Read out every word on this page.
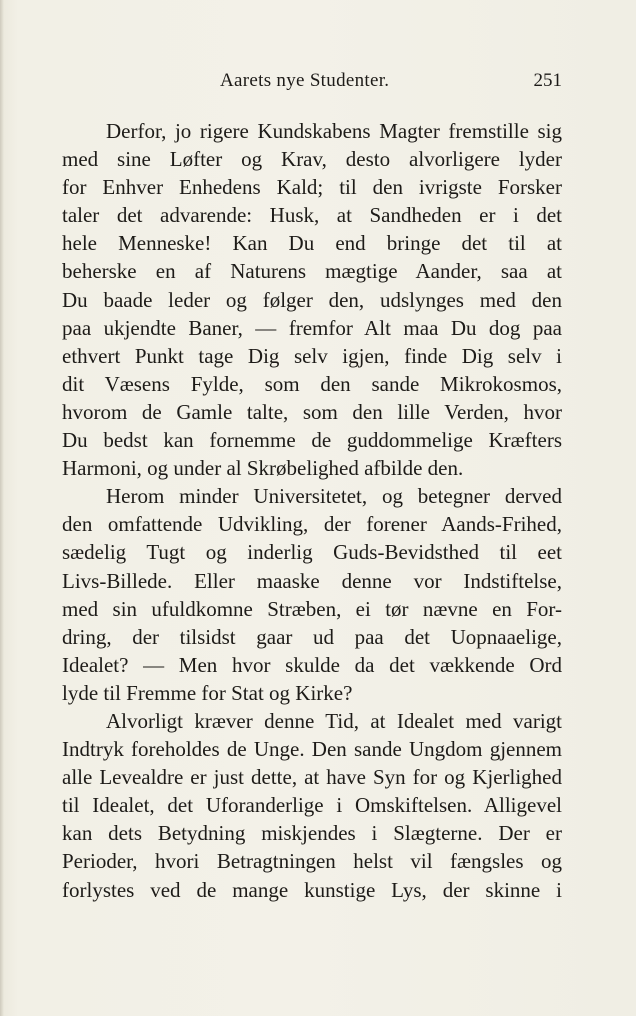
Aarets nye Studenter.	251
Derfor, jo rigere Kundskabens Magter fremstille sig
med sine Løfter og Krav, desto alvorligere lyder
for Enhver Enhedens Kald; til den ivrigste Forsker
taler det advarende: Husk, at Sandheden er i det
hele Menneske! Kan Du end bringe det til at
beherske en af Naturens mægtige Aander, saa at
Du baade leder og følger den, udslynges med den
paa ukjendte Baner, — fremfor Alt maa Du dog paa
ethvert Punkt tage Dig selv igjen, finde Dig selv i
dit Væsens Fylde, som den sande Mikrokosmos,
hvorom de Gamle talte, som den lille Verden, hvor
Du bedst kan fornemme de guddommelige Kræfters
Harmoni, og under al Skrøbelighed afbilde den.
Herom minder Universitetet, og betegner derved
den omfattende Udvikling, der forener Aands-Frihed,
sædelig Tugt og inderlig Guds-Bevidsthed til eet
Livs-Billede. Eller maaske denne vor Indstiftelse,
med sin ufuldkomne Stræben, ei tør nævne en For-
dring, der tilsidst gaar ud paa det Uopnaaelige,
Idealet? — Men hvor skulde da det vækkende Ord
lyde til Fremme for Stat og Kirke?
Alvorligt kræver denne Tid, at Idealet med varigt
Indtryk foreholdes de Unge. Den sande Ungdom gjennem
alle Levealdre er just dette, at have Syn for og Kjerlighed
til Idealet, det Uforanderlige i Omskiftelsen. Alligevel
kan dets Betydning miskjendes i Slægterne. Der er
Perioder, hvori Betragtningen helst vil fængsles og
forlystes ved de mange kunstige Lys, der skinne i
